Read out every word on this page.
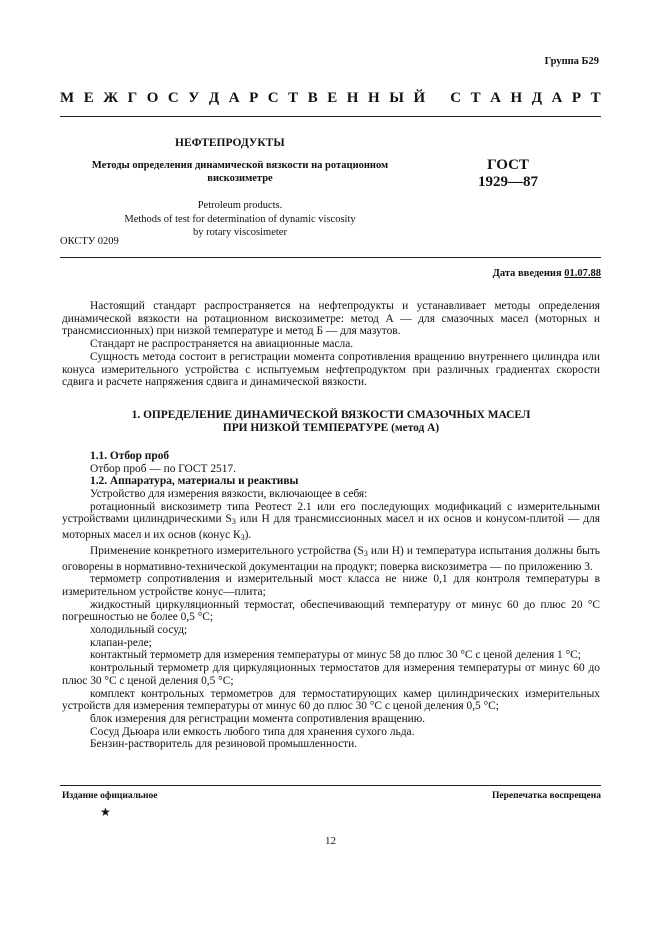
Группа Б29
М Е Ж Г О С У Д А Р С Т В Е Н Н Ы Й С Т А Н Д А Р Т
НЕФТЕПРОДУКТЫ
Методы определения динамической вязкости на ротационном
вискозиметре
ГОСТ
1929—87
Petroleum products.
Methods of test for determination of dynamic viscosity
by rotary viscosimeter
ОКСТУ 0209
Дата введения 01.07.88

Настоящий стандарт распространяется на нефтепродукты и устанавливает методы определения динамической вязкости на ротационном вискозиметре: метод А — для смазочных масел (моторных и трансмиссионных) при низкой температуре и метод Б — для мазутов.

Стандарт не распространяется на авиационные масла.

Сущность метода состоит в регистрации момента сопротивления вращению внутреннего цилиндра или конуса измерительного устройства с испытуемым нефтепродуктом при различных градиентах скорости сдвига и расчете напряжения сдвига и динамической вязкости.

1. ОПРЕДЕЛЕНИЕ ДИНАМИЧЕСКОЙ ВЯЗКОСТИ СМАЗОЧНЫХ МАСЕЛ
ПРИ НИЗКОЙ ТЕМПЕРАТУРЕ (метод А)

1.1. Отбор проб

Отбор проб — по ГОСТ 2517.

1.2. Аппаратура, материалы и реактивы

Устройство для измерения вязкости, включающее в себя:

ротационный вискозиметр типа Реотест 2.1 или его последующих модификаций с измерительными устройствами цилиндрическими $S_3$ или Н для трансмиссионных масел и их основ и конусом-плитой — для моторных масел и их основ (конус $К_3$).

Применение конкретного измерительного устройства ($S_3$ или Н) и температура испытания должны быть оговорены в нормативно-технической документации на продукт; поверка вискозиметра — по приложению 3.

термометр сопротивления и измерительный мост класса не ниже 0,1 для контроля температуры в измерительном устройстве конус—плита;

жидкостный циркуляционный термостат, обеспечивающий температуру от минус 60 до плюс 20 °С погрешностью не более 0,5 °С;

холодильный сосуд;

клапан-реле;

контактный термометр для измерения температуры от минус 58 до плюс 30 °С с ценой деления 1 °С;

контрольный термометр для циркуляционных термостатов для измерения температуры от минус 60 до плюс 30 °С с ценой деления 0,5 °С;

комплект контрольных термометров для термостатирующих камер цилиндрических измерительных устройств для измерения температуры от минус 60 до плюс 30 °С с ценой деления 0,5 °С;

блок измерения для регистрации момента сопротивления вращению.

Сосуд Дьюара или емкость любого типа для хранения сухого льда.

Бензин-растворитель для резиновой промышленности.

Издание официальное	Перепечатка воспрещена
★
12
